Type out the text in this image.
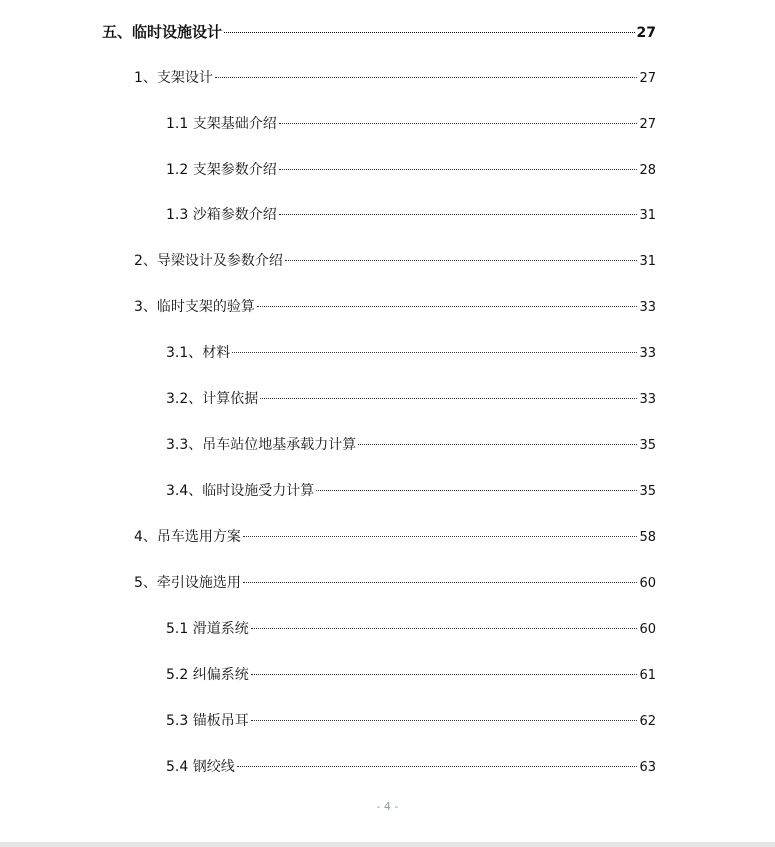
五、临时设施设计	27
1、支架设计	27
1.1 支架基础介绍	27
1.2 支架参数介绍	28
1.3 沙箱参数介绍	31
2、导梁设计及参数介绍	31
3、临时支架的验算	33
3.1、材料	33
3.2、计算依据	33
3.3、吊车站位地基承载力计算	35
3.4、临时设施受力计算	35
4、吊车选用方案	58
5、牵引设施选用	60
5.1 滑道系统	60
5.2 纠偏系统	61
5.3 锚板吊耳	62
5.4 钢绞线	63
- 4 -
